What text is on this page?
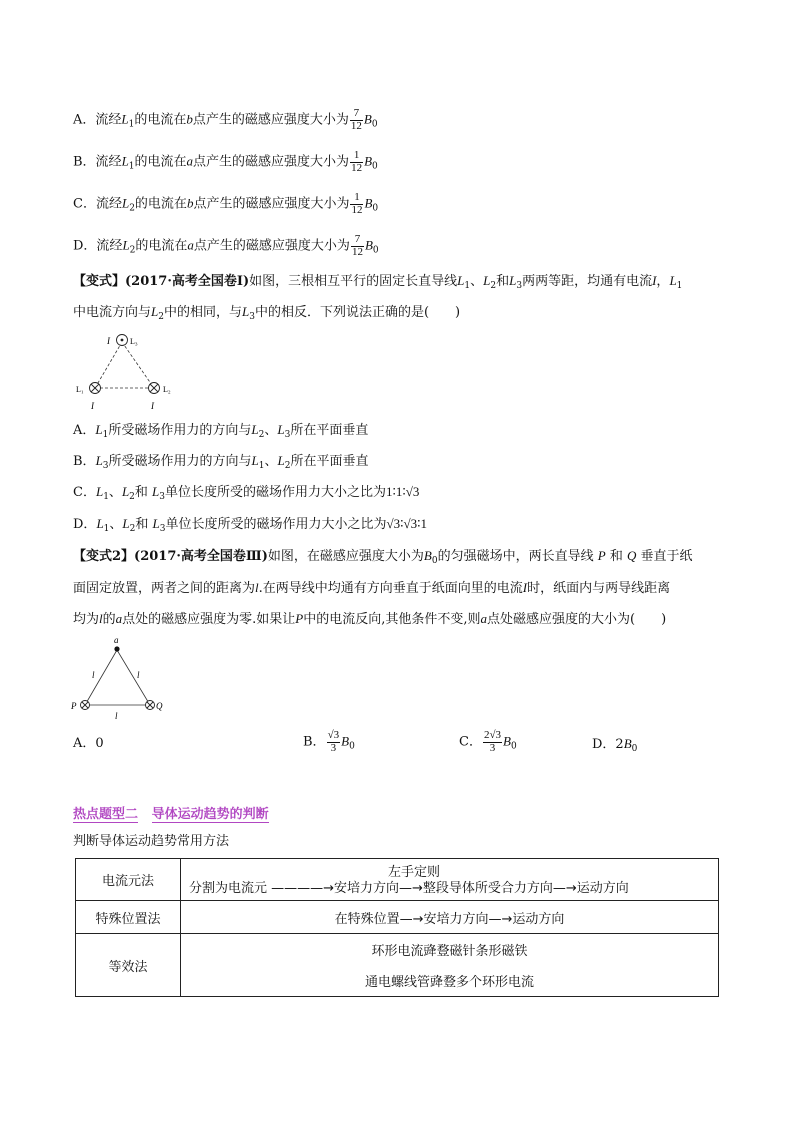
A．流经$L_1$的电流在b点产生的磁感应强度大小为 $\frac{7}{12} B_0$
B．流经$L_1$的电流在a点产生的磁感应强度大小为 $\frac{1}{12} B_0$
C．流经$L_2$的电流在b点产生的磁感应强度大小为 $\frac{1}{12} B_0$
D．流经$L_2$的电流在a点产生的磁感应强度大小为 $\frac{7}{12} B_0$
【变式】(2017·高考全国卷Ⅰ)如图，三根相互平行的固定长直导线$L_1$、$L_2$和$L_3$两两等距，均通有电流I，$L_1$
中电流方向与$L_2$中的相同，与$L_3$中的相反．下列说法正确的是(　　)
I	L₃
L₁	L₂
I	I
A．$L_1$所受磁场作用力的方向与$L_2$、$L_3$所在平面垂直
B．$L_3$所受磁场作用力的方向与$L_1$、$L_2$所在平面垂直
C．$L_1$、$L_2$和 $L_3$单位长度所受的磁场作用力大小之比为1∶1∶√3
D．$L_1$、$L_2$和 $L_3$单位长度所受的磁场作用力大小之比为√3∶√3∶1
【变式2】(2017·高考全国卷Ⅲ)如图，在磁感应强度大小为$B_0$的匀强磁场中，两长直导线 P 和 Q 垂直于纸
面固定放置，两者之间的距离为l.在两导线中均通有方向垂直于纸面向里的电流I时，纸面内与两导线距离
均为l的a点处的磁感应强度为零.如果让P中的电流反向,其他条件不变,则a点处磁感应强度的大小为(　　)
a
l	l
l
P	Q
A．0	B． $\frac{√3}{3} B_0$	C． $\frac{2√3}{3} B_0$	D．$2B_0$
热点题型二 导体运动趋势的判断
判断导体运动趋势常用方法
电流元法	左手定则
分割为电流元 ————→安培力方向—→整段导体所受合力方向—→运动方向

特殊位置法	在特殊位置—→安培力方向—→运动方向
等效法	环形电流䜶䜼磁针条形磁铁
通电螺线管䜶䜼多个环形电流
